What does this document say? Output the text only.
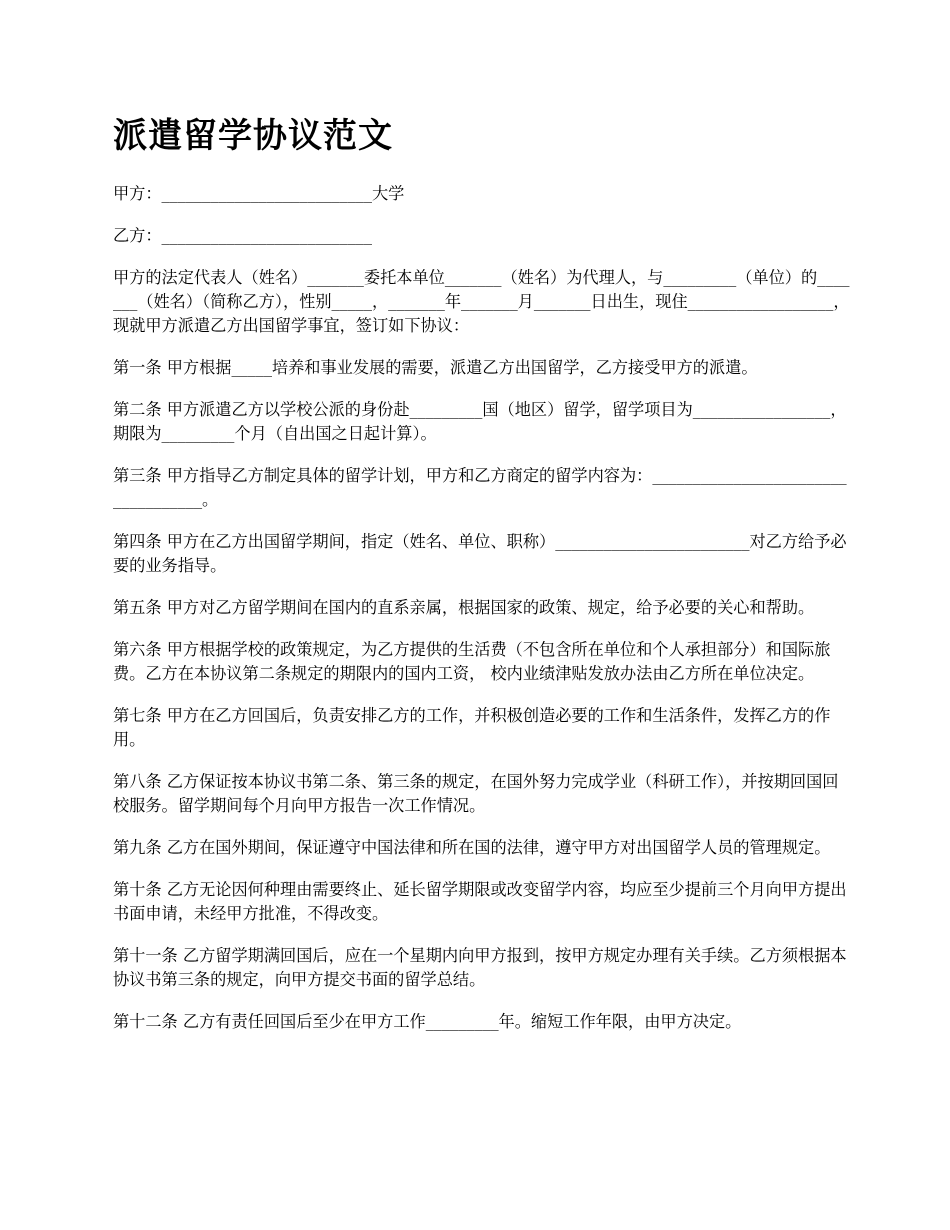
派遣留学协议范文

甲方：__________________________大学

乙方：__________________________

甲方的法定代表人（姓名）_______委托本单位_______（姓名）为代理人，与_________（单位）的_______（姓名）（简称乙方），性别_____，_______年_______月_______日出生，现住__________________，现就甲方派遣乙方出国留学事宜，签订如下协议：

第一条 甲方根据_____培养和事业发展的需要，派遣乙方出国留学，乙方接受甲方的派遣。

第二条 甲方派遣乙方以学校公派的身份赴_________国（地区）留学，留学项目为_________________，期限为_________个月（自出国之日起计算）。

第三条 甲方指导乙方制定具体的留学计划，甲方和乙方商定的留学内容为：___________________________________。

第四条 甲方在乙方出国留学期间，指定（姓名、单位、职称）________________________对乙方给予必要的业务指导。

第五条 甲方对乙方留学期间在国内的直系亲属，根据国家的政策、规定，给予必要的关心和帮助。

第六条 甲方根据学校的政策规定，为乙方提供的生活费（不包含所在单位和个人承担部分）和国际旅费。乙方在本协议第二条规定的期限内的国内工资， 校内业绩津贴发放办法由乙方所在单位决定。

第七条 甲方在乙方回国后，负责安排乙方的工作，并积极创造必要的工作和生活条件，发挥乙方的作用。

第八条 乙方保证按本协议书第二条、第三条的规定，在国外努力完成学业（科研工作），并按期回国回校服务。留学期间每个月向甲方报告一次工作情况。

第九条 乙方在国外期间，保证遵守中国法律和所在国的法律，遵守甲方对出国留学人员的管理规定。

第十条 乙方无论因何种理由需要终止、延长留学期限或改变留学内容，均应至少提前三个月向甲方提出书面申请，未经甲方批准，不得改变。

第十一条 乙方留学期满回国后，应在一个星期内向甲方报到，按甲方规定办理有关手续。乙方须根据本协议书第三条的规定，向甲方提交书面的留学总结。

第十二条 乙方有责任回国后至少在甲方工作_________年。缩短工作年限，由甲方决定。
